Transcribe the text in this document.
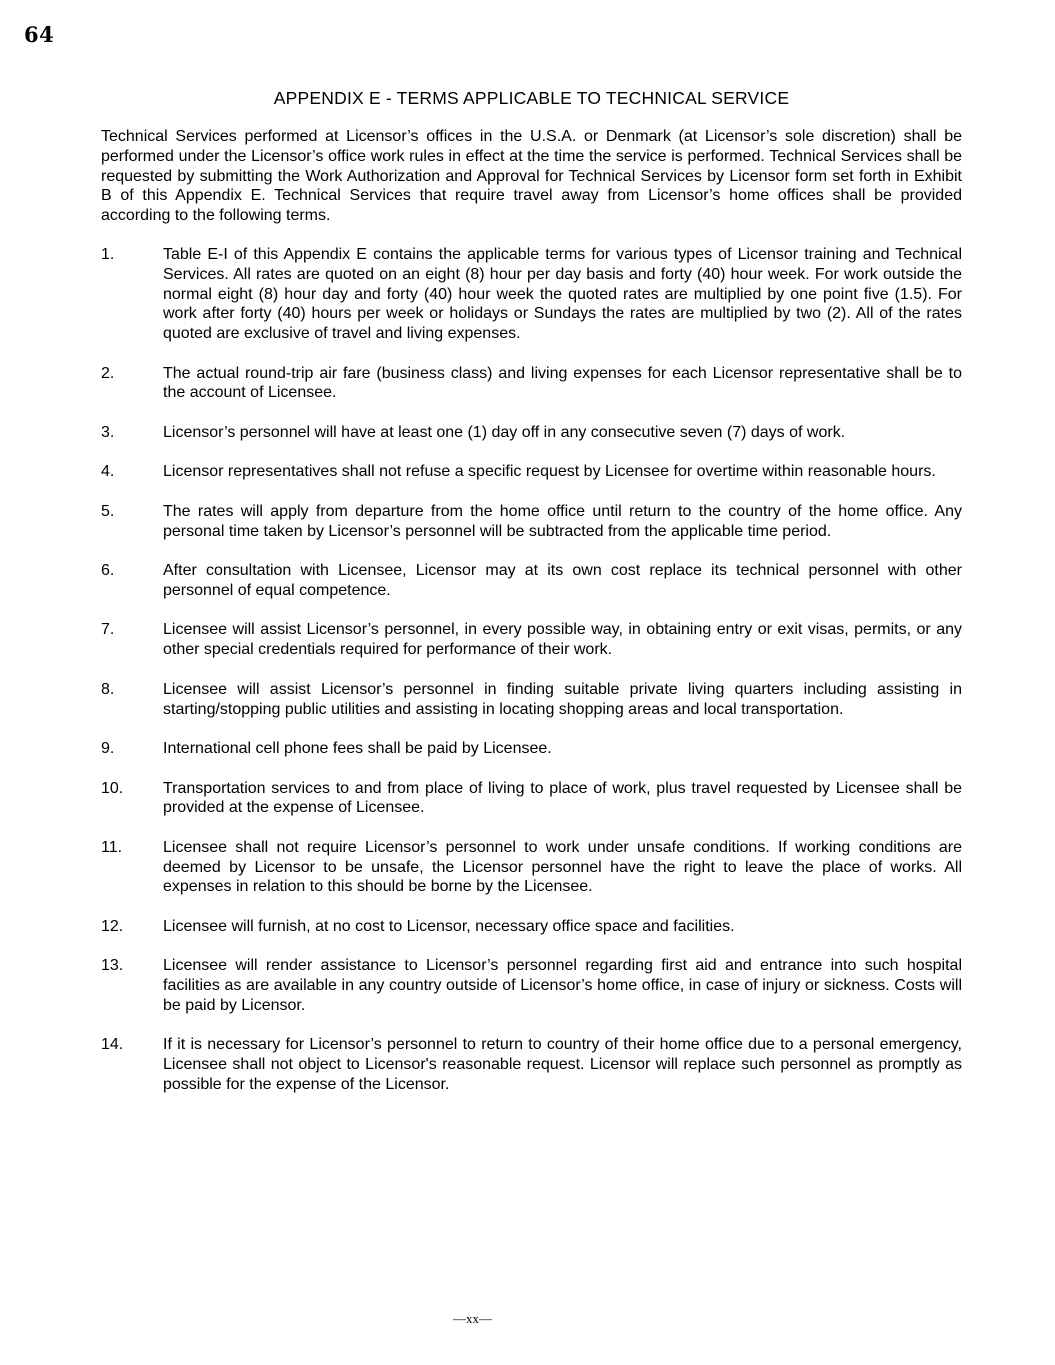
64
APPENDIX E - TERMS APPLICABLE TO TECHNICAL SERVICE

Technical Services performed at Licensor’s offices in the U.S.A. or Denmark (at Licensor’s sole discretion) shall be performed under the Licensor’s office work rules in effect at the time the service is performed. Technical Services shall be requested by submitting the Work Authorization and Approval for Technical Services by Licensor form set forth in Exhibit B of this Appendix E. Technical Services that require travel away from Licensor’s home offices shall be provided according to the following terms.

1.	Table E-I of this Appendix E contains the applicable terms for various types of Licensor training and Technical Services. All rates are quoted on an eight (8) hour per day basis and forty (40) hour week. For work outside the normal eight (8) hour day and forty (40) hour week the quoted rates are multiplied by one point five (1.5). For work after forty (40) hours per week or holidays or Sundays the rates are multiplied by two (2). All of the rates quoted are exclusive of travel and living expenses.
2.	The actual round-trip air fare (business class) and living expenses for each Licensor representative shall be to the account of Licensee.
3.	Licensor’s personnel will have at least one (1) day off in any consecutive seven (7) days of work.
4.	Licensor representatives shall not refuse a specific request by Licensee for overtime within reasonable hours.
5.	The rates will apply from departure from the home office until return to the country of the home office. Any personal time taken by Licensor’s personnel will be subtracted from the applicable time period.
6.	After consultation with Licensee, Licensor may at its own cost replace its technical personnel with other personnel of equal competence.
7.	Licensee will assist Licensor’s personnel, in every possible way, in obtaining entry or exit visas, permits, or any other special credentials required for performance of their work.
8.	Licensee will assist Licensor’s personnel in finding suitable private living quarters including assisting in starting/stopping public utilities and assisting in locating shopping areas and local transportation.
9.	International cell phone fees shall be paid by Licensee.
10.	Transportation services to and from place of living to place of work, plus travel requested by Licensee shall be provided at the expense of Licensee.
11.	Licensee shall not require Licensor’s personnel to work under unsafe conditions. If working conditions are deemed by Licensor to be unsafe, the Licensor personnel have the right to leave the place of works. All expenses in relation to this should be borne by the Licensee.
12.	Licensee will furnish, at no cost to Licensor, necessary office space and facilities.
13.	Licensee will render assistance to Licensor’s personnel regarding first aid and entrance into such hospital facilities as are available in any country outside of Licensor’s home office, in case of injury or sickness. Costs will be paid by Licensor.
14.	If it is necessary for Licensor’s personnel to return to country of their home office due to a personal emergency, Licensee shall not object to Licensor's reasonable request. Licensor will replace such personnel as promptly as possible for the expense of the Licensor.
—xx—
